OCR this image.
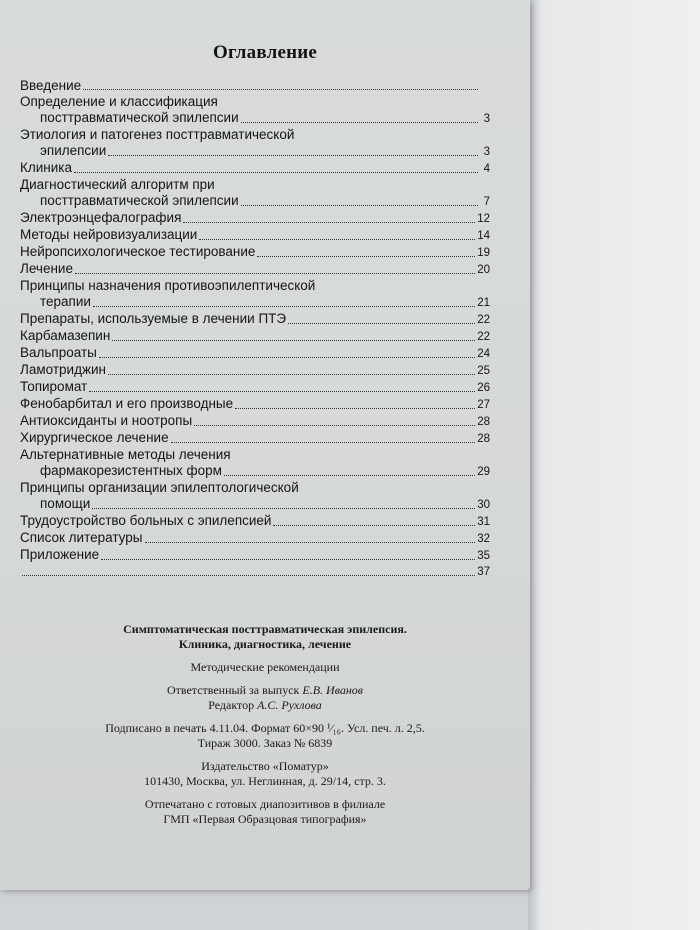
Оглавление
Введение
Определение и классификация
посттравматической эпилепсии	3
Этиология и патогенез посттравматической
эпилепсии	3
Клиника	4
Диагностический алгоритм при
посттравматической эпилепсии	7
Электроэнцефалография	12
Методы нейровизуализации	14
Нейропсихологическое тестирование	19
Лечение	20
Принципы назначения противоэпилептической
терапии	21
Препараты, используемые в лечении ПТЭ	22
Карбамазепин	22
Вальпроаты	24
Ламотриджин	25
Топиромат	26
Фенобарбитал и его производные	27
Антиоксиданты и ноотропы	28
Хирургическое лечение	28
Альтернативные методы лечения
фармакорезистентных форм	29
Принципы организации эпилептологической
помощи	30
Трудоустройство больных с эпилепсией	31
Список литературы	32
Приложение	35
37
Симптоматическая посттравматическая эпилепсия.
Клиника, диагностика, лечение
Методические рекомендации
Ответственный за выпуск Е.В. Иванов
Редактор А.С. Рухлова
Подписано в печать 4.11.04. Формат 60×90 ¹⁄₁₆. Усл. печ. л. 2,5.
Тираж 3000. Заказ № 6839
Издательство «Поматур»
101430, Москва, ул. Неглинная, д. 29/14, стр. 3.
Отпечатано с готовых диапозитивов в филиале
ГМП «Первая Образцовая типография»
